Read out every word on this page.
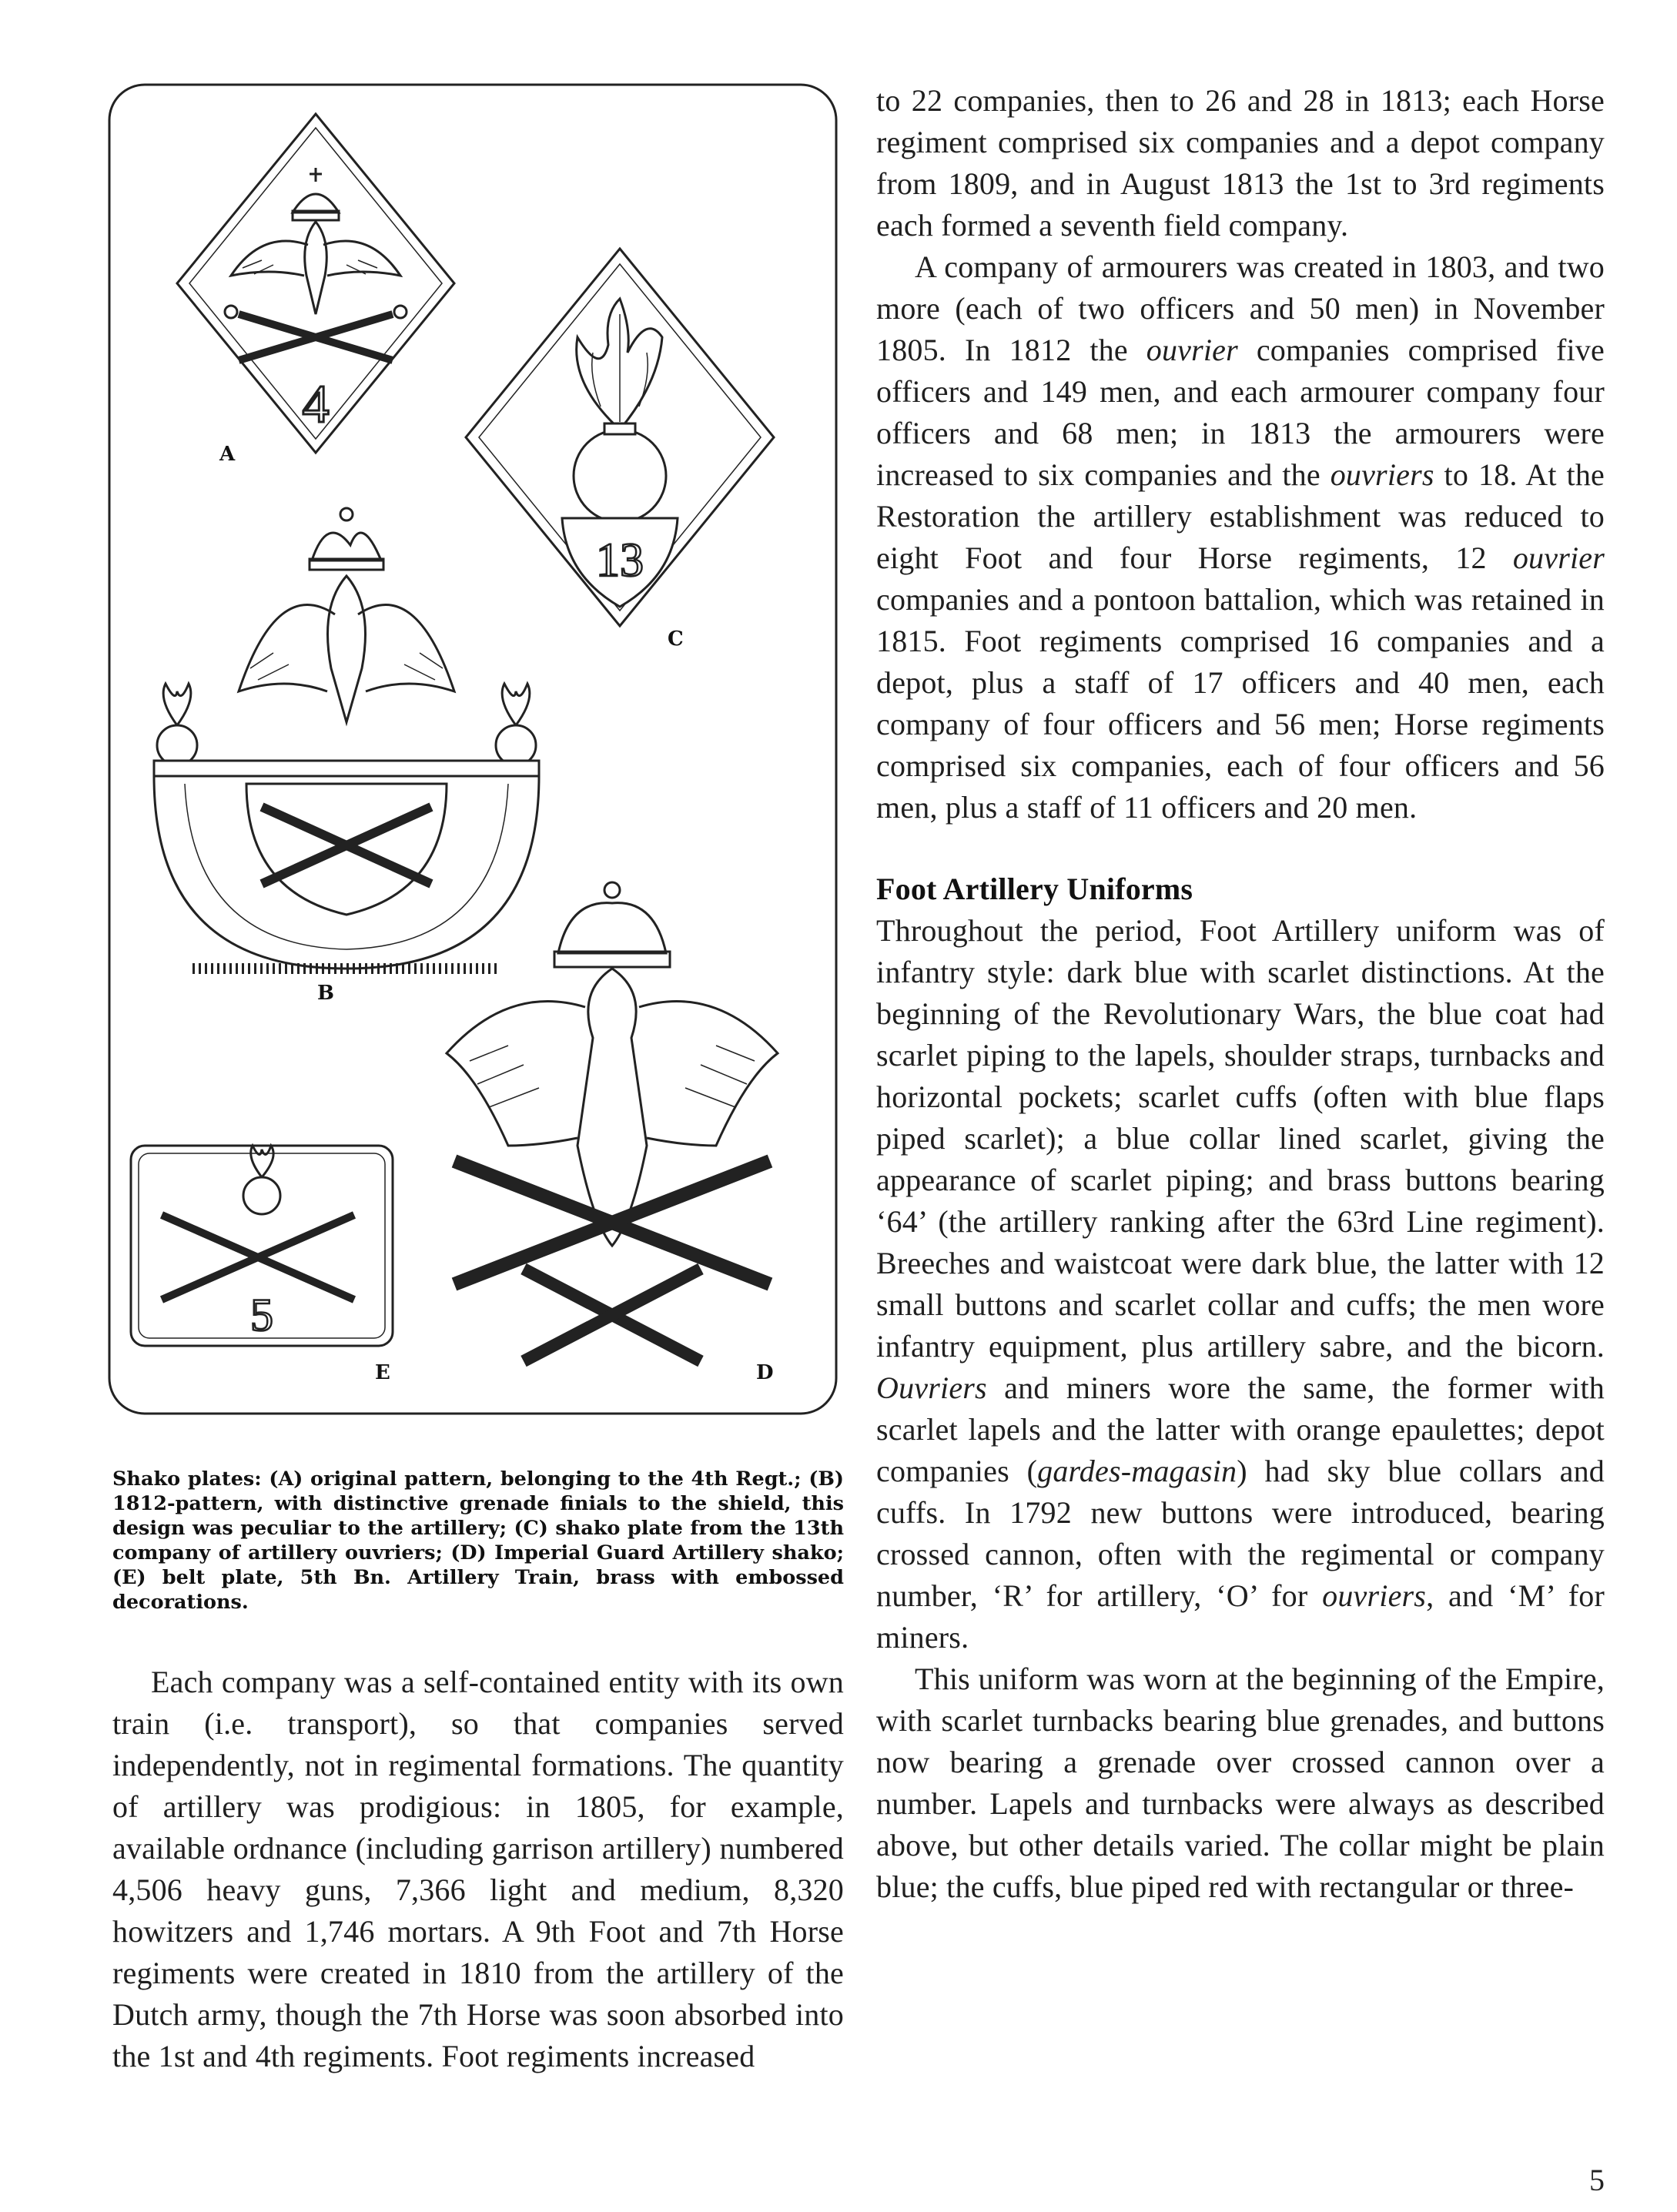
4
A
13
C
B
D
5
E
Shako plates: (A) original pattern, belonging to the 4th Regt.; (B) 1812-pattern, with distinctive grenade finials to the shield, this design was peculiar to the artillery; (C) shako plate from the 13th company of artillery ouvriers; (D) Imperial Guard Artillery shako; (E) belt plate, 5th Bn. Artillery Train, brass with embossed decorations.

Each company was a self-contained entity with its own train (i.e. transport), so that companies served independently, not in regimental formations. The quantity of artillery was prodigious: in 1805, for example, available ordnance (including garrison artillery) numbered 4,506 heavy guns, 7,366 light and medium, 8,320 howitzers and 1,746 mortars. A 9th Foot and 7th Horse regiments were created in 1810 from the artillery of the Dutch army, though the 7th Horse was soon absorbed into the 1st and 4th regiments. Foot regiments increased

to 22 companies, then to 26 and 28 in 1813; each Horse regiment comprised six companies and a depot company from 1809, and in August 1813 the 1st to 3rd regiments each formed a seventh field company.

A company of armourers was created in 1803, and two more (each of two officers and 50 men) in November 1805. In 1812 the ouvrier companies comprised five officers and 149 men, and each armourer company four officers and 68 men; in 1813 the armourers were increased to six companies and the ouvriers to 18. At the Restoration the artillery establishment was reduced to eight Foot and four Horse regiments, 12 ouvrier companies and a pontoon battalion, which was retained in 1815. Foot regiments comprised 16 companies and a depot, plus a staff of 17 officers and 40 men, each company of four officers and 56 men; Horse regiments comprised six companies, each of four officers and 56 men, plus a staff of 11 officers and 20 men.

Foot Artillery Uniforms

Throughout the period, Foot Artillery uniform was of infantry style: dark blue with scarlet distinctions. At the beginning of the Revolutionary Wars, the blue coat had scarlet piping to the lapels, shoulder straps, turnbacks and horizontal pockets; scarlet cuffs (often with blue flaps piped scarlet); a blue collar lined scarlet, giving the appearance of scarlet piping; and brass buttons bearing ‘64’ (the artillery ranking after the 63rd Line regiment). Breeches and waistcoat were dark blue, the latter with 12 small buttons and scarlet collar and cuffs; the men wore infantry equipment, plus artillery sabre, and the bicorn. Ouvriers and miners wore the same, the former with scarlet lapels and the latter with orange epaulettes; depot companies (gardes-magasin) had sky blue collars and cuffs. In 1792 new buttons were introduced, bearing crossed cannon, often with the regimental or company number, ‘R’ for artillery, ‘O’ for ouvriers, and ‘M’ for miners.

This uniform was worn at the beginning of the Empire, with scarlet turnbacks bearing blue grenades, and buttons now bearing a grenade over crossed cannon over a number. Lapels and turnbacks were always as described above, but other details varied. The collar might be plain blue; the cuffs, blue piped red with rectangular or three-

5
